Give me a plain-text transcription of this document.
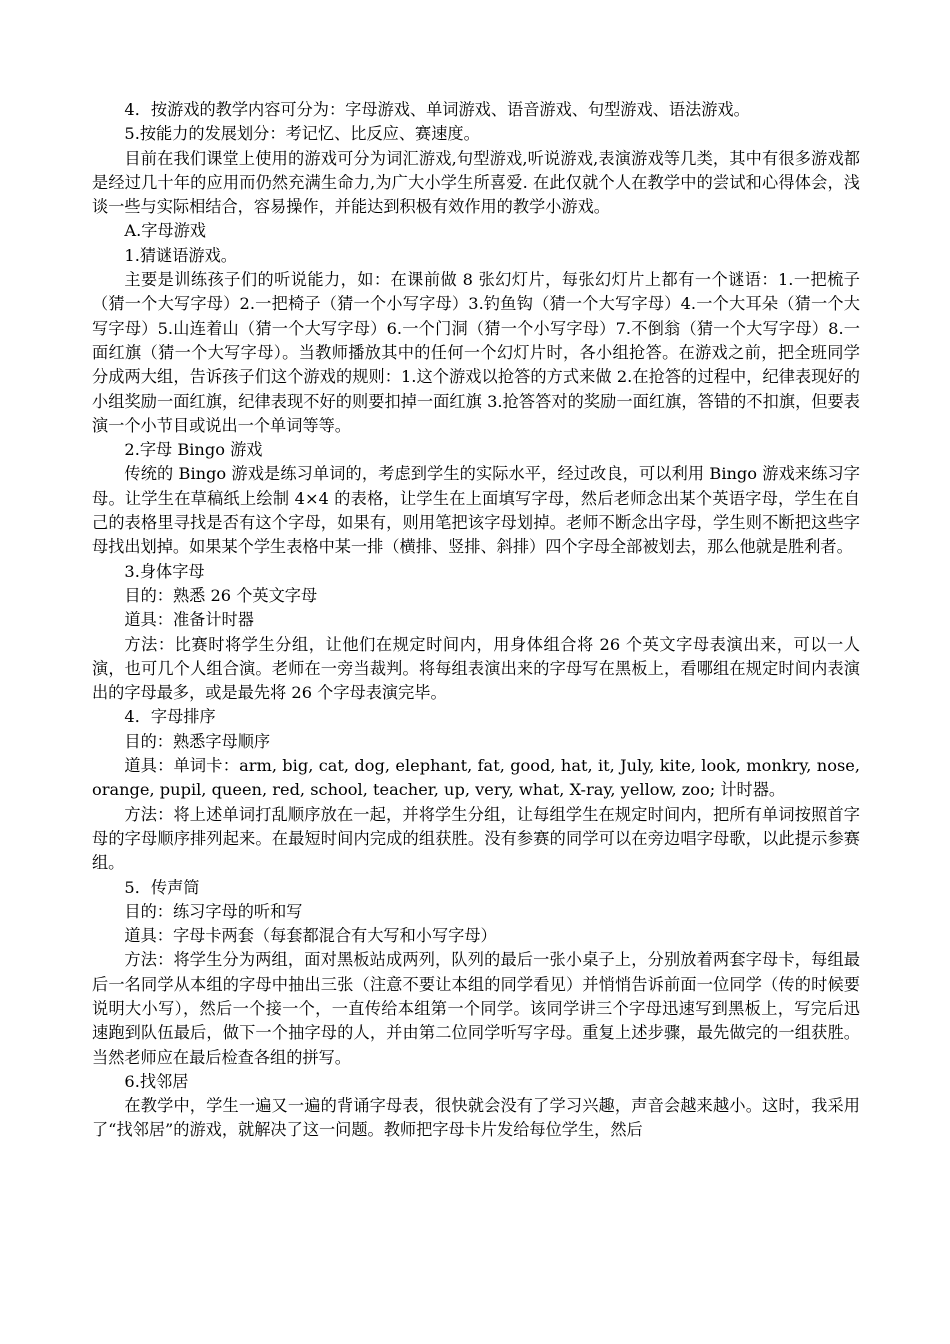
4．按游戏的教学内容可分为：字母游戏、单词游戏、语音游戏、句型游戏、语法游戏。

5.按能力的发展划分：考记忆、比反应、赛速度。

目前在我们课堂上使用的游戏可分为词汇游戏,句型游戏,听说游戏,表演游戏等几类，其中有很多游戏都是经过几十年的应用而仍然充满生命力,为广大小学生所喜爱. 在此仅就个人在教学中的尝试和心得体会，浅谈一些与实际相结合，容易操作，并能达到积极有效作用的教学小游戏。

A.字母游戏

1.猜谜语游戏。

主要是训练孩子们的听说能力，如：在课前做 8 张幻灯片，每张幻灯片上都有一个谜语：1.一把梳子（猜一个大写字母）2.一把椅子（猜一个小写字母）3.钓鱼钩（猜一个大写字母）4.一个大耳朵（猜一个大写字母）5.山连着山（猜一个大写字母）6.一个门洞（猜一个小写字母）7.不倒翁（猜一个大写字母）8.一面红旗（猜一个大写字母）。当教师播放其中的任何一个幻灯片时，各小组抢答。在游戏之前，把全班同学分成两大组，告诉孩子们这个游戏的规则：1.这个游戏以抢答的方式来做 2.在抢答的过程中，纪律表现好的小组奖励一面红旗，纪律表现不好的则要扣掉一面红旗 3.抢答答对的奖励一面红旗，答错的不扣旗，但要表演一个小节目或说出一个单词等等。

2.字母 Bingo 游戏

传统的 Bingo 游戏是练习单词的，考虑到学生的实际水平，经过改良，可以利用 Bingo 游戏来练习字母。让学生在草稿纸上绘制 4×4 的表格，让学生在上面填写字母，然后老师念出某个英语字母，学生在自己的表格里寻找是否有这个字母，如果有，则用笔把该字母划掉。老师不断念出字母，学生则不断把这些字母找出划掉。如果某个学生表格中某一排（横排、竖排、斜排）四个字母全部被划去，那么他就是胜利者。

3.身体字母

目的：熟悉 26 个英文字母

道具：准备计时器

方法：比赛时将学生分组，让他们在规定时间内，用身体组合将 26 个英文字母表演出来，可以一人演，也可几个人组合演。老师在一旁当裁判。将每组表演出来的字母写在黑板上，看哪组在规定时间内表演出的字母最多，或是最先将 26 个字母表演完毕。

4．字母排序

目的：熟悉字母顺序

道具：单词卡：arm, big, cat, dog, elephant, fat, good, hat, it, July, kite, look, monkry, nose, orange, pupil, queen, red, school, teacher, up, very, what, X-ray, yellow, zoo; 计时器。

方法：将上述单词打乱顺序放在一起，并将学生分组，让每组学生在规定时间内，把所有单词按照首字母的字母顺序排列起来。在最短时间内完成的组获胜。没有参赛的同学可以在旁边唱字母歌，以此提示参赛组。

5．传声筒

目的：练习字母的听和写

道具：字母卡两套（每套都混合有大写和小写字母）

方法：将学生分为两组，面对黑板站成两列，队列的最后一张小桌子上，分别放着两套字母卡，每组最后一名同学从本组的字母中抽出三张（注意不要让本组的同学看见）并悄悄告诉前面一位同学（传的时候要说明大小写），然后一个接一个，一直传给本组第一个同学。该同学讲三个字母迅速写到黑板上，写完后迅速跑到队伍最后，做下一个抽字母的人，并由第二位同学听写字母。重复上述步骤，最先做完的一组获胜。当然老师应在最后检查各组的拼写。

6.找邻居

在教学中，学生一遍又一遍的背诵字母表，很快就会没有了学习兴趣，声音会越来越小。这时，我采用了“找邻居”的游戏，就解决了这一问题。教师把字母卡片发给每位学生，然后
